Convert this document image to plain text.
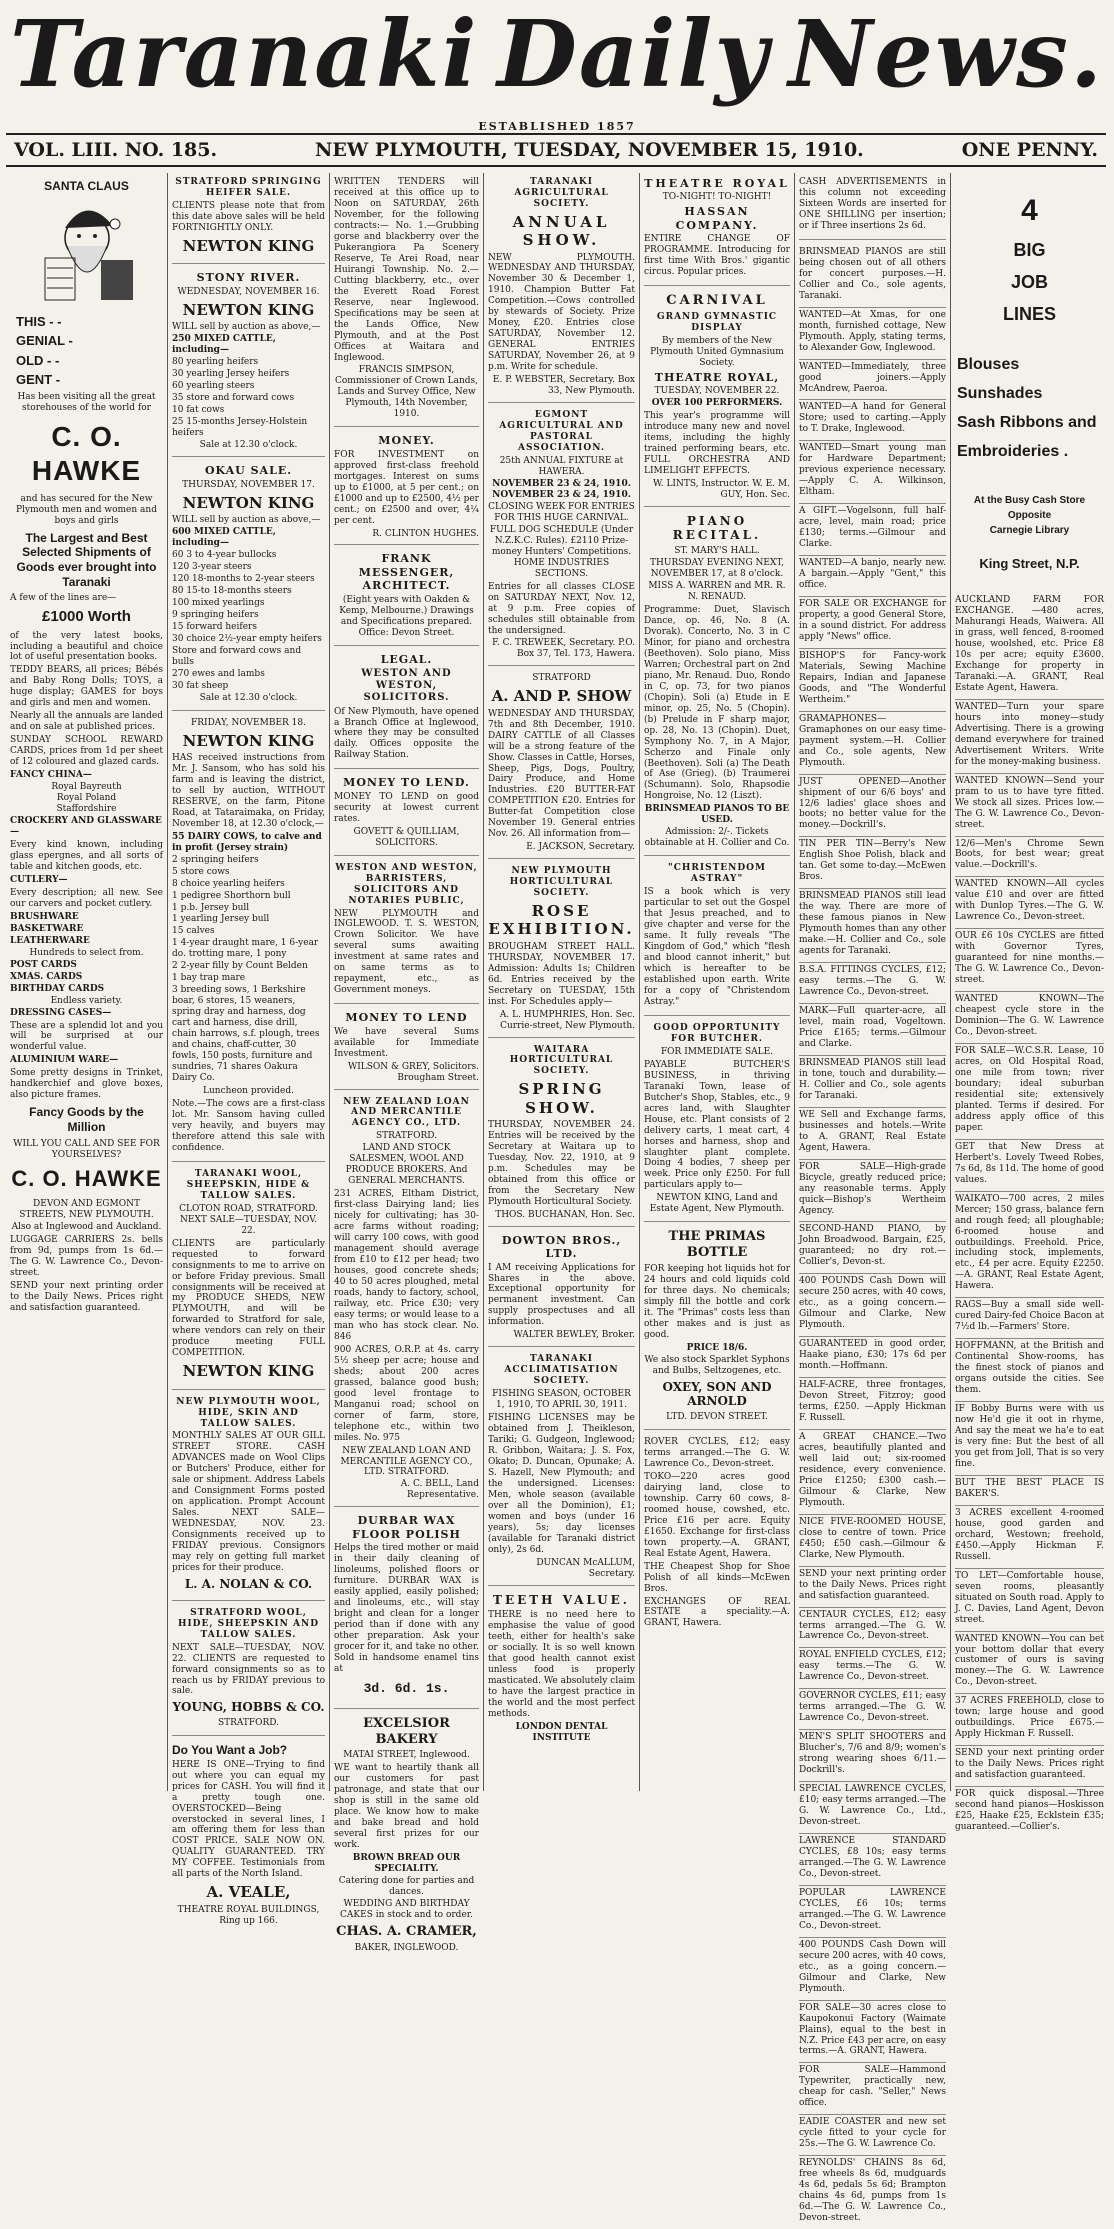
Taranaki Daily News.
ESTABLISHED 1857
VOL. LIII. NO. 185.	NEW PLYMOUTH, TUESDAY, NOVEMBER 15, 1910.	ONE PENNY.
SANTA CLAUS
THIS - -
GENIAL -
OLD - -
GENT -
Has been visiting all the great storehouses of the world for
C. O. HAWKE
and has secured for the New Plymouth men and women and boys and girls
The Largest and Best Selected Shipments of Goods ever brought into Taranaki
A few of the lines are—
£1000 Worth
of the very latest books, including a beautiful and choice lot of useful presentation books.
TEDDY BEARS, all prices; Bébés and Baby Rong Dolls; TOYS, a huge display; GAMES for boys and girls and men and women.
Nearly all the annuals are landed and on sale at published prices.
SUNDAY SCHOOL REWARD CARDS, prices from 1d per sheet of 12 coloured and glazed cards.
FANCY CHINA—
Royal Bayreuth
Royal Poland
Staffordshire
CROCKERY AND GLASSWARE—
Every kind known, including glass epergnes, and all sorts of table and kitchen goods, etc.
CUTLERY—
Every description; all new. See our carvers and pocket cutlery.
BRUSHWARE
BASKETWARE
LEATHERWARE
Hundreds to select from.
POST CARDS
XMAS. CARDS
BIRTHDAY CARDS
Endless variety.
DRESSING CASES—
These are a splendid lot and you will be surprised at our wonderful value.
ALUMINIUM WARE—
Some pretty designs in Trinket, handkerchief and glove boxes, also picture frames.
Fancy Goods by the Million
WILL YOU CALL AND SEE FOR YOURSELVES?
C. O. HAWKE
DEVON AND EGMONT STREETS, NEW PLYMOUTH.
Also at Inglewood and Auckland.
LUGGAGE CARRIERS 2s. bells from 9d, pumps from 1s 6d.—The G. W. Lawrence Co., Devon-street.
SEND your next printing order to the Daily News. Prices right and satisfaction guaranteed.
STRATFORD SPRINGING HEIFER SALE.
CLIENTS please note that from this date above sales will be held FORTNIGHTLY ONLY.
NEWTON KING
STONY RIVER.
WEDNESDAY, NOVEMBER 16.
NEWTON KING
WILL sell by auction as above,—
250 MIXED CATTLE, including—
80 yearling heifers
30 yearling Jersey heifers
60 yearling steers
35 store and forward cows
10 fat cows
25 15-months Jersey-Holstein heifers
Sale at 12.30 o'clock.
OKAU SALE.
THURSDAY, NOVEMBER 17.
NEWTON KING
WILL sell by auction as above,—
600 MIXED CATTLE, including—
60 3 to 4-year bullocks
120 3-year steers
120 18-months to 2-year steers
80 15-to 18-months steers
100 mixed yearlings
9 springing heifers
15 forward heifers
30 choice 2½-year empty heifers
Store and forward cows and bulls
270 ewes and lambs
30 fat sheep
Sale at 12.30 o'clock.
FRIDAY, NOVEMBER 18.
NEWTON KING
HAS received instructions from Mr. J. Sansom, who has sold his farm and is leaving the district, to sell by auction, WITHOUT RESERVE, on the farm, Pitone Road, at Tataraimaka, on Friday, November 18, at 12.30 o'clock,—
55 DAIRY COWS, to calve and in profit (Jersey strain)
2 springing heifers
5 store cows
8 choice yearling heifers
1 pedigree Shorthorn bull
1 p.b. Jersey bull
1 yearling Jersey bull
15 calves
1 4-year draught mare, 1 6-year do. trotting mare, 1 pony
2 2-year filly by Count Belden
1 bay trap mare
3 breeding sows, 1 Berkshire boar, 6 stores, 15 weaners, spring dray and harness, dog cart and harness, dise drill, chain harrows, s.f. plough, trees and chains, chaff-cutter, 30 fowls, 150 posts, furniture and sundries, 71 shares Oakura Dairy Co.
Luncheon provided.
Note.—The cows are a first-class lot. Mr. Sansom having culled very heavily, and buyers may therefore attend this sale with confidence.
TARANAKI WOOL, SHEEPSKIN, HIDE & TALLOW SALES.
CLOTON ROAD, STRATFORD. NEXT SALE—TUESDAY, NOV. 22.
CLIENTS are particularly requested to forward consignments to me to arrive on or before Friday previous. Small consignments will be received at my PRODUCE SHEDS, NEW PLYMOUTH, and will be forwarded to Stratford for sale, where vendors can rely on their produce meeting FULL COMPETITION.
NEWTON KING
NEW PLYMOUTH WOOL, HIDE, SKIN AND TALLOW SALES.
MONTHLY SALES AT OUR GILL STREET STORE. CASH ADVANCES made on Wool Clips or Butchers' Produce, either for sale or shipment. Address Labels and Consignment Forms posted on application. Prompt Account Sales. NEXT SALE—WEDNESDAY, NOV. 23. Consignments received up to FRIDAY previous. Consignors may rely on getting full market prices for their produce.
L. A. NOLAN & CO.
STRATFORD WOOL, HIDE, SHEEPSKIN AND TALLOW SALES.
NEXT SALE—TUESDAY, NOV. 22. CLIENTS are requested to forward consignments so as to reach us by FRIDAY previous to sale.
YOUNG, HOBBS & CO.
STRATFORD.
Do You Want a Job?
HERE IS ONE—Trying to find out where you can equal my prices for CASH. You will find it a pretty tough one. OVERSTOCKED—Being overstocked in several lines, I am offering them for less than COST PRICE. SALE NOW ON. QUALITY GUARANTEED. TRY MY COFFEE. Testimonials from all parts of the North Island.
A. VEALE,
THEATRE ROYAL BUILDINGS, Ring up 166.
WRITTEN TENDERS will received at this office up to Noon on SATURDAY, 26th November, for the following contracts:— No. 1.—Grubbing gorse and blackberry over the Pukerangiora Pa Scenery Reserve, Te Arei Road, near Huirangi Township. No. 2.—Cutting blackberry, etc., over the Everett Road Forest Reserve, near Inglewood. Specifications may be seen at the Lands Office, New Plymouth, and at the Post Offices at Waitara and Inglewood.
FRANCIS SIMPSON, Commissioner of Crown Lands, Lands and Survey Office, New Plymouth, 14th November, 1910.
MONEY.
FOR INVESTMENT on approved first-class freehold mortgages. Interest on sums up to £1000, at 5 per cent.; on £1000 and up to £2500, 4½ per cent.; on £2500 and over, 4¼ per cent.
R. CLINTON HUGHES.
FRANK MESSENGER, ARCHITECT.
(Eight years with Oakden & Kemp, Melbourne.) Drawings and Specifications prepared. Office: Devon Street.
LEGAL.
WESTON AND WESTON, SOLICITORS.
Of New Plymouth, have opened a Branch Office at Inglewood, where they may be consulted daily. Offices opposite the Railway Station.
MONEY TO LEND.
MONEY TO LEND on good security at lowest current rates.
GOVETT & QUILLIAM, SOLICITORS.
WESTON AND WESTON, BARRISTERS, SOLICITORS AND NOTARIES PUBLIC,
NEW PLYMOUTH and INGLEWOOD. T. S. WESTON, Crown Solicitor. We have several sums awaiting investment at same rates and on same terms as to repayment, etc., as Government moneys.
MONEY TO LEND
We have several Sums available for Immediate Investment.
WILSON & GREY, Solicitors. Brougham Street.
NEW ZEALAND LOAN AND MERCANTILE AGENCY CO., LTD.
STRATFORD.
LAND AND STOCK SALESMEN, WOOL AND PRODUCE BROKERS. And GENERAL MERCHANTS.
231 ACRES, Eltham District, first-class Dairying land; lies nicely for cultivating; has 30-acre farms without roading; will carry 100 cows, with good management should average from £10 to £12 per head; two houses, good concrete sheds; 40 to 50 acres ploughed, metal roads, handy to factory, school, railway, etc. Price £30; very easy terms; or would lease to a man who has stock clear. No. 846
900 ACRES, O.R.P. at 4s. carry 5½ sheep per acre; house and sheds; about 200 acres grassed, balance good bush; good level frontage to Manganui road; school on corner of farm, store, telephone etc., within two miles. No. 975
NEW ZEALAND LOAN AND MERCANTILE AGENCY CO., LTD. STRATFORD.
A. C. BELL, Land Representative.
DURBAR WAX FLOOR POLISH
Helps the tired mother or maid in their daily cleaning of linoleums, polished floors or furniture. DURBAR WAX is easily applied, easily polished; and linoleums, etc., will stay bright and clean for a longer period than if done with any other preparation. Ask your grocer for it, and take no other. Sold in handsome enamel tins at
3d. 6d. 1s.
EXCELSIOR BAKERY
MATAI STREET, Inglewood.
WE want to heartily thank all our customers for past patronage, and state that our shop is still in the same old place. We know how to make and bake bread and hold several first prizes for our work.
BROWN BREAD OUR SPECIALITY.
Catering done for parties and dances.
WEDDING AND BIRTHDAY CAKES in stock and to order.
CHAS. A. CRAMER,
BAKER, INGLEWOOD.
TARANAKI AGRICULTURAL SOCIETY.
ANNUAL SHOW.
NEW PLYMOUTH. WEDNESDAY AND THURSDAY, November 30 & December 1, 1910. Champion Butter Fat Competition.—Cows controlled by stewards of Society. Prize Money, £20. Entries close SATURDAY, November 12. GENERAL ENTRIES SATURDAY, November 26, at 9 p.m. Write for schedule.
E. P. WEBSTER, Secretary. Box 33, New Plymouth.
EGMONT AGRICULTURAL AND PASTORAL ASSOCIATION.
25th ANNUAL FIXTURE at HAWERA.
NOVEMBER 23 & 24, 1910. NOVEMBER 23 & 24, 1910.
CLOSING WEEK FOR ENTRIES FOR THIS HUGE CARNIVAL.
FULL DOG SCHEDULE (Under N.Z.K.C. Rules). £2110 Prize-money Hunters' Competitions. HOME INDUSTRIES SECTIONS.
Entries for all classes CLOSE on SATURDAY NEXT, Nov. 12, at 9 p.m. Free copies of schedules still obtainable from the undersigned.
F. C. TREWEEK, Secretary. P.O. Box 37, Tel. 173, Hawera.
STRATFORD
A. AND P. SHOW
WEDNESDAY AND THURSDAY, 7th and 8th December, 1910. DAIRY CATTLE of all Classes will be a strong feature of the Show. Classes in Cattle, Horses, Sheep, Pigs, Dogs, Poultry, Dairy Produce, and Home Industries. £20 BUTTER-FAT COMPETITION £20. Entries for Butter-fat Competition close November 19. General entries Nov. 26. All information from—
E. JACKSON, Secretary.
NEW PLYMOUTH HORTICULTURAL SOCIETY.
ROSE EXHIBITION.
BROUGHAM STREET HALL. THURSDAY, NOVEMBER 17. Admission: Adults 1s; Children 6d. Entries received by the Secretary on TUESDAY, 15th inst. For Schedules apply—
A. L. HUMPHRIES, Hon. Sec. Currie-street, New Plymouth.
WAITARA HORTICULTURAL SOCIETY.
SPRING SHOW.
THURSDAY, NOVEMBER 24. Entries will be received by the Secretary at Waitara up to Tuesday, Nov. 22, 1910, at 9 p.m. Schedules may be obtained from this office or from the Secretary New Plymouth Horticultural Society.
THOS. BUCHANAN, Hon. Sec.
DOWTON BROS., LTD.
I AM receiving Applications for Shares in the above. Exceptional opportunity for permanent investment. Can supply prospectuses and all information.
WALTER BEWLEY, Broker.
TARANAKI ACCLIMATISATION SOCIETY.
FISHING SEASON, OCTOBER 1, 1910, TO APRIL 30, 1911.
FISHING LICENSES may be obtained from J. Theikleson, Tariki; G. Gudgeon, Inglewood; R. Gribbon, Waitara; J. S. Fox, Okato; D. Duncan, Opunake; A. S. Hazell, New Plymouth; and the undersigned. Licenses: Men, whole season (available over all the Dominion), £1; women and boys (under 16 years), 5s; day licenses (available for Taranaki district only), 2s 6d.
DUNCAN McALLUM, Secretary.
TEETH VALUE.
THERE is no need here to emphasise the value of good teeth, either for health's sake or socially. It is so well known that good health cannot exist unless food is properly masticated. We absolutely claim to have the largest practice in the world and the most perfect methods.
LONDON DENTAL INSTITUTE
THEATRE ROYAL
TO-NIGHT! TO-NIGHT!
HASSAN COMPANY.
ENTIRE CHANGE OF PROGRAMME. Introducing for first time With Bros.' gigantic circus. Popular prices.
CARNIVAL
GRAND GYMNASTIC DISPLAY
By members of the New Plymouth United Gymnasium Society.
THEATRE ROYAL,
TUESDAY, NOVEMBER 22.
OVER 100 PERFORMERS.
This year's programme will introduce many new and novel items, including the highly trained performing bears, etc. FULL ORCHESTRA AND LIMELIGHT EFFECTS.
W. LINTS, Instructor. W. E. M. GUY, Hon. Sec.
PIANO RECITAL.
ST. MARY'S HALL.
THURSDAY EVENING NEXT, NOVEMBER 17, at 8 o'clock.
MISS A. WARREN and MR. R. N. RENAUD.
Programme: Duet, Slavisch Dance, op. 46, No. 8 (A. Dvorak). Concerto, No. 3 in C Minor, for piano and orchestra (Beethoven). Solo piano, Miss Warren; Orchestral part on 2nd piano, Mr. Renaud. Duo, Rondo in C, op. 73, for two pianos (Chopin). Soli (a) Etude in E minor, op. 25, No. 5 (Chopin). (b) Prelude in F sharp major, op. 28, No. 13 (Chopin). Duet, Symphony No. 7, in A Major, Scherzo and Finale only (Beethoven). Soli (a) The Death of Ase (Grieg). (b) Traumerei (Schumann). Solo, Rhapsodie Hongroise, No. 12 (Liszt).
BRINSMEAD PIANOS TO BE USED.
Admission: 2/-. Tickets obtainable at H. Collier and Co.
"CHRISTENDOM ASTRAY"
IS a book which is very particular to set out the Gospel that Jesus preached, and to give chapter and verse for the same. It fully reveals "The Kingdom of God," which "flesh and blood cannot inherit," but which is hereafter to be established upon earth. Write for a copy of "Christendom Astray."
GOOD OPPORTUNITY FOR BUTCHER.
FOR IMMEDIATE SALE.
PAYABLE BUTCHER'S BUSINESS, in thriving Taranaki Town, lease of Butcher's Shop, Stables, etc., 9 acres land, with Slaughter House, etc. Plant consists of 2 delivery carts, 1 meat cart, 4 horses and harness, shop and slaughter plant complete. Doing 4 bodies, 7 sheep per week. Price only £250. For full particulars apply to—
NEWTON KING, Land and Estate Agent, New Plymouth.
THE PRIMAS BOTTLE
FOR keeping hot liquids hot for 24 hours and cold liquids cold for three days. No chemicals; simply fill the bottle and cork it. The "Primas" costs less than other makes and is just as good.
PRICE 18/6.
We also stock Sparklet Syphons and Bulbs, Seltzogenes, etc.
OXEY, SON AND ARNOLD
LTD. DEVON STREET.
ROVER CYCLES, £12; easy terms arranged.—The G. W. Lawrence Co., Devon-street.
TOKO—220 acres good dairying land, close to township. Carry 60 cows, 8-roomed house, cowshed, etc. Price £16 per acre. Equity £1650. Exchange for first-class town property.—A. GRANT, Real Estate Agent, Hawera.
THE Cheapest Shop for Shoe Polish of all kinds—McEwen Bros.
EXCHANGES OF REAL ESTATE a speciality.—A. GRANT, Hawera.
CASH ADVERTISEMENTS in this column not exceeding Sixteen Words are inserted for ONE SHILLING per insertion; or if Three insertions 2s 6d.
BRINSMEAD PIANOS are still being chosen out of all others for concert purposes.—H. Collier and Co., sole agents, Taranaki.
WANTED—At Xmas, for one month, furnished cottage, New Plymouth. Apply, stating terms, to Alexander Gow, Inglewood.
WANTED—Immediately, three good joiners.—Apply McAndrew, Paeroa.
WANTED—A hand for General Store; used to carting.—Apply to T. Drake, Inglewood.
WANTED—Smart young man for Hardware Department; previous experience necessary.—Apply C. A. Wilkinson, Eltham.
A GIFT.—Vogelsonn, full half-acre, level, main road; price £130; terms.—Gilmour and Clarke.
WANTED—A banjo, nearly new. A bargain.—Apply "Gent," this office.
FOR SALE OR EXCHANGE for property, a good General Store, in a sound district. For address apply "News" office.
BISHOP'S for Fancy-work Materials, Sewing Machine Repairs, Indian and Japanese Goods, and "The Wonderful Wertheim."
GRAMAPHONES—Gramaphones on our easy time-payment system.—H. Collier and Co., sole agents, New Plymouth.
JUST OPENED—Another shipment of our 6/6 boys' and 12/6 ladies' glace shoes and boots; no better value for the money.—Dockrill's.
TIN PER TIN—Berry's New English Shoe Polish, black and tan. Get some to-day.—McEwen Bros.
BRINSMEAD PIANOS still lead the way. There are more of these famous pianos in New Plymouth homes than any other make.—H. Collier and Co., sole agents for Taranaki.
B.S.A. FITTINGS CYCLES, £12; easy terms.—The G. W. Lawrence Co., Devon-street.
MARK—Full quarter-acre, all level, main road, Vogeltown. Price £165; terms.—Gilmour and Clarke.
BRINSMEAD PIANOS still lead in tone, touch and durability.—H. Collier and Co., sole agents for Taranaki.
WE Sell and Exchange farms, businesses and hotels.—Write to A. GRANT, Real Estate Agent, Hawera.
FOR SALE—High-grade Bicycle, greatly reduced price; any reasonable terms. Apply quick—Bishop's Wertheim Agency.
SECOND-HAND PIANO, by John Broadwood. Bargain, £25, guaranteed; no dry rot.—Collier's, Devon-st.
400 POUNDS Cash Down will secure 250 acres, with 40 cows, etc., as a going concern.—Gilmour and Clarke, New Plymouth.
GUARANTEED in good order, Haake piano, £30; 17s 6d per month.—Hoffmann.
HALF-ACRE, three frontages, Devon Street, Fitzroy; good terms, £250. —Apply Hickman F. Russell.
A GREAT CHANCE.—Two acres, beautifully planted and well laid out; six-roomed residence, every convenience. Price £1250; £300 cash.—Gilmour & Clarke, New Plymouth.
NICE FIVE-ROOMED HOUSE, close to centre of town. Price £450; £50 cash.—Gilmour & Clarke, New Plymouth.
SEND your next printing order to the Daily News. Prices right and satisfaction guaranteed.
CENTAUR CYCLES, £12; easy terms arranged.—The G. W. Lawrence Co., Devon-street.
ROYAL ENFIELD CYCLES, £12; easy terms.—The G. W. Lawrence Co., Devon-street.
GOVERNOR CYCLES, £11; easy terms arranged.—The G. W. Lawrence Co., Devon-street.
MEN'S SPLIT SHOOTERS and Blucher's, 7/6 and 8/9; women's strong wearing shoes 6/11.—Dockrill's.
SPECIAL LAWRENCE CYCLES, £10; easy terms arranged.—The G. W. Lawrence Co., Ltd., Devon-street.
LAWRENCE STANDARD CYCLES, £8 10s; easy terms arranged.—The G. W. Lawrence Co., Devon-street.
POPULAR LAWRENCE CYCLES, £6 10s; terms arranged.—The G. W. Lawrence Co., Devon-street.
400 POUNDS Cash Down will secure 200 acres, with 40 cows, etc., as a going concern.—Gilmour and Clarke, New Plymouth.
FOR SALE—30 acres close to Kaupokonui Factory (Waimate Plains), equal to the best in N.Z. Price £43 per acre, on easy terms.—A. GRANT, Hawera.
FOR SALE—Hammond Typewriter, practically new, cheap for cash. "Seller," News office.
EADIE COASTER and new set cycle fitted to your cycle for 25s.—The G. W. Lawrence Co.
REYNOLDS' CHAINS 8s 6d, free wheels 8s 6d, mudguards 4s 6d, pedals 5s 6d; Brampton chains 4s 6d, pumps from 1s 6d.—The G. W. Lawrence Co., Devon-street.
4
BIG
JOB
LINES
Blouses
Sunshades
Sash Ribbons and Embroideries .
At the Busy Cash Store
Opposite
Carnegie Library
King Street, N.P.
AUCKLAND FARM FOR EXCHANGE. —480 acres, Mahurangi Heads, Waiwera. All in grass, well fenced, 8-roomed house, woolshed, etc. Price £8 10s per acre; equity £3600. Exchange for property in Taranaki.—A. GRANT, Real Estate Agent, Hawera.
WANTED—Turn your spare hours into money—study Advertising. There is a growing demand everywhere for trained Advertisement Writers. Write for the money-making business.
WANTED KNOWN—Send your pram to us to have tyre fitted. We stock all sizes. Prices low.—The G. W. Lawrence Co., Devon-street.
12/6—Men's Chrome Sewn Boots, for best wear; great value.—Dockrill's.
WANTED KNOWN—All cycles value £10 and over are fitted with Dunlop Tyres.—The G. W. Lawrence Co., Devon-street.
OUR £6 10s CYCLES are fitted with Governor Tyres, guaranteed for nine months.—The G. W. Lawrence Co., Devon-street.
WANTED KNOWN—The cheapest cycle store in the Dominion—The G. W. Lawrence Co., Devon-street.
FOR SALE—W.C.S.R. Lease, 10 acres, on Old Hospital Road, one mile from town; river boundary; ideal suburban residential site; extensively planted. Terms if desired. For address apply office of this paper.
GET that New Dress at Herbert's. Lovely Tweed Robes, 7s 6d, 8s 11d. The home of good values.
WAIKATO—700 acres, 2 miles Mercer; 150 grass, balance fern and rough feed; all ploughable; 6-roomed house and outbuildings. Freehold. Price, including stock, implements, etc., £4 per acre. Equity £2250.—A. GRANT, Real Estate Agent, Hawera.
RAGS—Buy a small side well-cured Dairy-fed Choice Bacon at 7½d lb.—Farmers' Store.
HOFFMANN, at the British and Continental Show-rooms, has the finest stock of pianos and organs outside the cities. See them.
IF Bobby Burns were with us now He'd gie it oot in rhyme, And say the meat we ha'e to eat is very fine: But the best of all you get from Joll, That is so very fine.
BUT THE BEST PLACE IS BAKER'S.
3 ACRES excellent 4-roomed house, good garden and orchard, Westown; freehold, £450.—Apply Hickman F. Russell.
TO LET—Comfortable house, seven rooms, pleasantly situated on South road. Apply to J. C. Davies, Land Agent, Devon street.
WANTED KNOWN—You can bet your bottom dollar that every customer of ours is saving money.—The G. W. Lawrence Co., Devon-street.
37 ACRES FREEHOLD, close to town; large house and good outbuildings. Price £675.—Apply Hickman F. Russell.
SEND your next printing order to the Daily News. Prices right and satisfaction guaranteed.
FOR quick disposal.—Three second hand pianos—Hoskisson £25, Haake £25, Ecklstein £35; guaranteed.—Collier's.
